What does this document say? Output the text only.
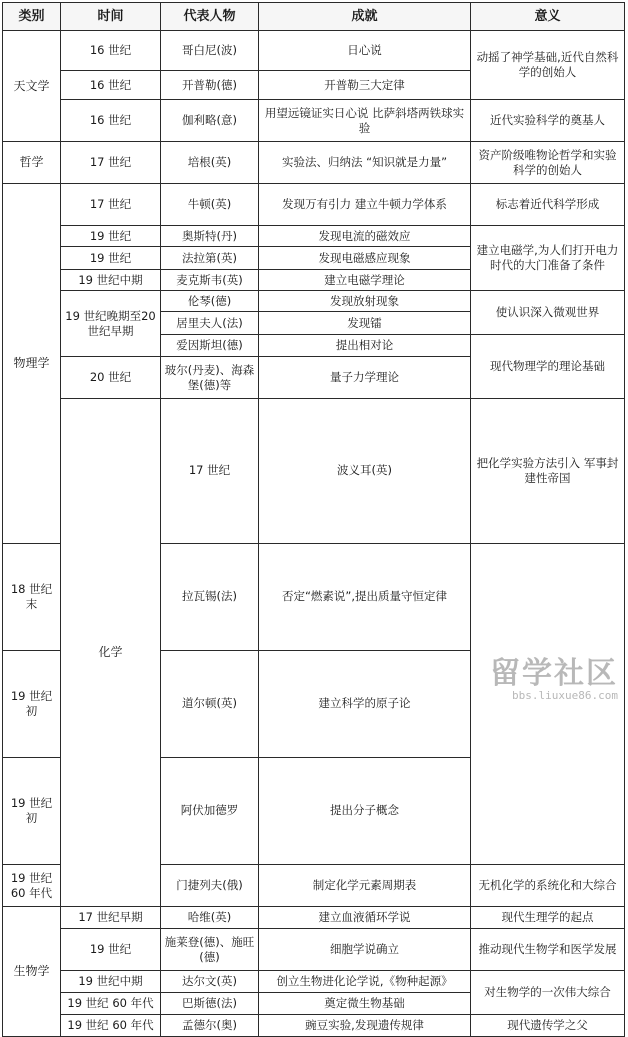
类别	时间	代表人物	成就	意义	
天文学	16 世纪	哥白尼(波)	日心说	动摇了神学基础,近代自然科学的创始人	
	16 世纪	开普勒(德)	开普勒三大定律		
	16 世纪	伽利略(意)	用望远镜证实日心说 比萨斜塔两铁球实验	近代实验科学的奠基人	
哲学	17 世纪	培根(英)	实验法、归纳法 “知识就是力量”	资产阶级唯物论哲学和实验科学的创始人	
物理学	17 世纪	牛顿(英)	发现万有引力 建立牛顿力学体系	标志着近代科学形成	
	19 世纪	奥斯特(丹)	发现电流的磁效应	建立电磁学,为人们打开电力时代的大门准备了条件	
	19 世纪	法拉第(英)	发现电磁感应现象		
	19 世纪中期	麦克斯韦(英)	建立电磁学理论		
	19 世纪晚期至20 世纪早期	伦琴(德)	发现放射现象	使认识深入微观世界	
		居里夫人(法)	发现镭		
		爱因斯坦(德)	提出相对论	现代物理学的理论基础	
	20 世纪	玻尔(丹麦)、海森堡(德)等	量子力学理论		
	化学	17 世纪	波义耳(英)	把化学实验方法引入 军事封建性帝国	
18 世纪末		拉瓦锡(法)	否定“燃素说”,提出质量守恒定律		
19 世纪初		道尔顿(英)	建立科学的原子论		
19 世纪初		阿伏加德罗	提出分子概念		
19 世纪 60 年代		门捷列夫(俄)	制定化学元素周期表	无机化学的系统化和大综合	
生物学	17 世纪早期	哈维(英)	建立血液循环学说	现代生理学的起点	
	19 世纪	施莱登(德)、施旺(德)	细胞学说确立	推动现代生物学和医学发展	
	19 世纪中期	达尔文(英)	创立生物进化论学说,《物种起源》	对生物学的一次伟大综合	
	19 世纪 60 年代	巴斯德(法)	奠定微生物基础		
	19 世纪 60 年代	孟德尔(奥)	豌豆实验,发现遗传规律	现代遗传学之父	
留学社区
bbs.liuxue86.com
